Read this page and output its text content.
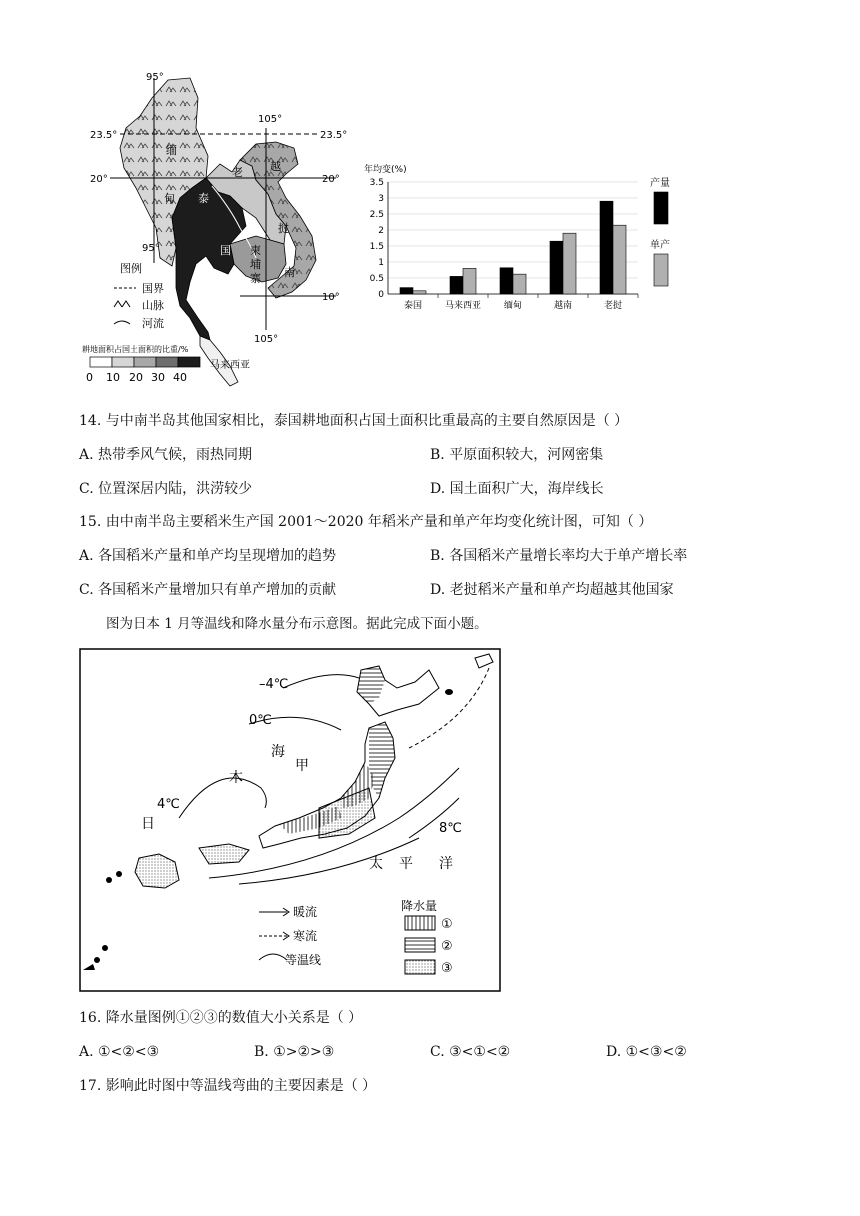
95°
23.5°	23.5°
105°
20°	20°
95°
10°
105°
缅
甸 泰
国
老 越
挝
南
柬
埔
寨
马来西亚
图例
国界
山脉
河流
耕地面积占国土面积的比重/%
0 10 20 30 40
年均变(%)
0
0.5
1
1.5
2
2.5
3
3.5
泰国	马来西亚	缅甸	越南	老挝
产量
单产
14. 与中南半岛其他国家相比，泰国耕地面积占国土面积比重最高的主要自然原因是（ ）
A. 热带季风气候，雨热同期	B. 平原面积较大，河网密集
C. 位置深居内陆，洪涝较少	D. 国土面积广大，海岸线长
15. 由中南半岛主要稻米生产国 2001～2020 年稻米产量和单产年均变化统计图，可知（ ）
A. 各国稻米产量和单产均呈现增加的趋势	B. 各国稻米产量增长率均大于单产增长率
C. 各国稻米产量增加只有单产增加的贡献	D. 老挝稻米产量和单产均超越其他国家
图为日本 1 月等温线和降水量分布示意图。据此完成下面小题。
–4℃
0℃
海
甲
4℃
木
日	8℃
太 平 洋
暖流
寒流
等温线
降水量
①
②
③
16. 降水量图例①②③的数值大小关系是（ ）
A. ①<②<③	B. ①>②>③	C. ③<①<②	D. ①<③<②
17. 影响此时图中等温线弯曲的主要因素是（ ）
